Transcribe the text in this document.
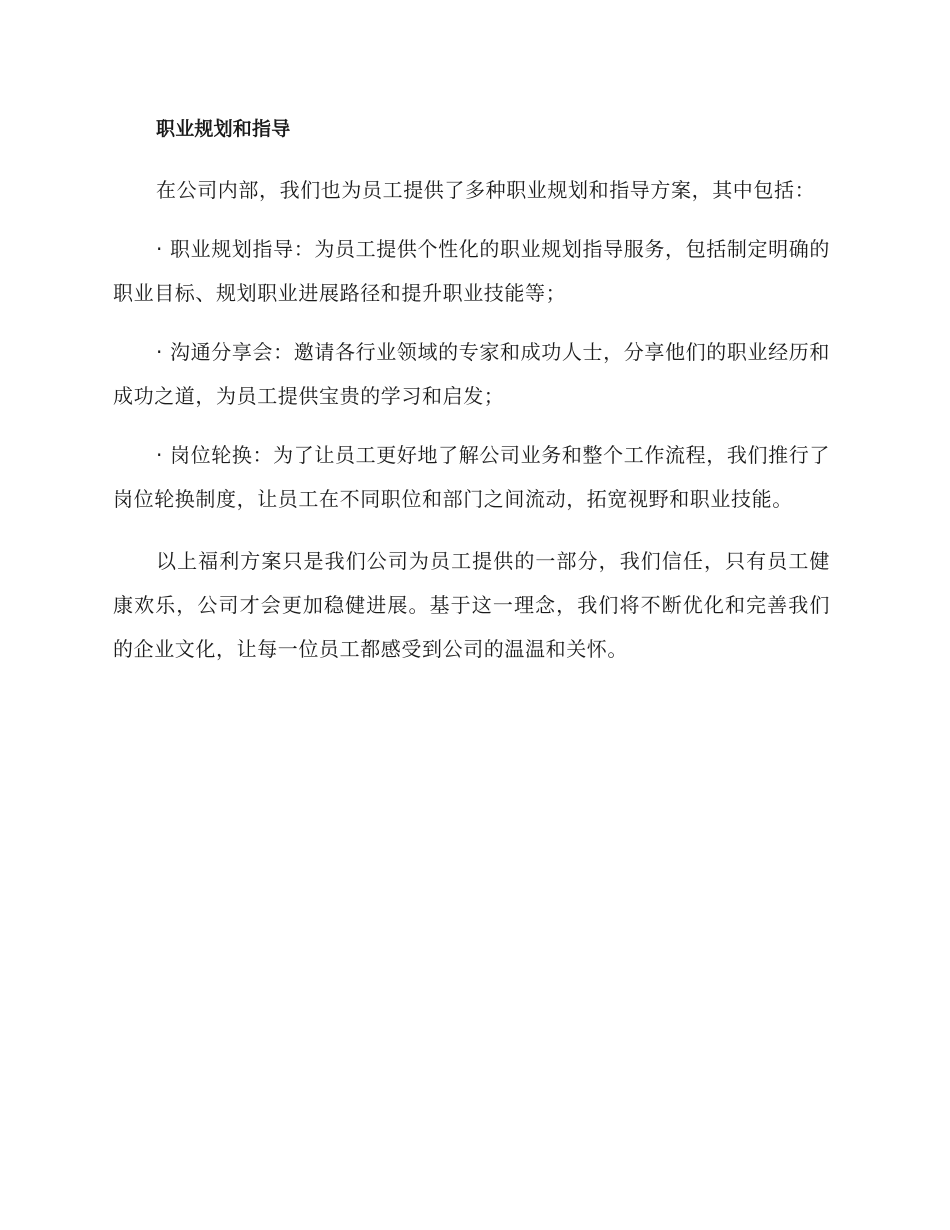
职业规划和指导

在公司内部，我们也为员工提供了多种职业规划和指导方案，其中包括：

· 职业规划指导：为员工提供个性化的职业规划指导服务，包括制定明确的职业目标、规划职业进展路径和提升职业技能等；

· 沟通分享会：邀请各行业领域的专家和成功人士，分享他们的职业经历和成功之道，为员工提供宝贵的学习和启发；

· 岗位轮换：为了让员工更好地了解公司业务和整个工作流程，我们推行了岗位轮换制度，让员工在不同职位和部门之间流动，拓宽视野和职业技能。

以上福利方案只是我们公司为员工提供的一部分，我们信任，只有员工健康欢乐，公司才会更加稳健进展。基于这一理念，我们将不断优化和完善我们的企业文化，让每一位员工都感受到公司的温温和关怀。
